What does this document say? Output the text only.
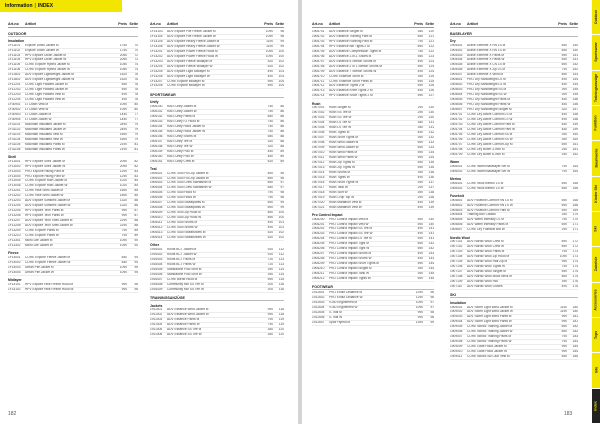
Information | INDEX
Art-no	Artikel	Preis Seite
OUTDOOR
Insulation
1F11101	Explore Down Jacket M	1750	70
1F11102	Explore Down Jacket W	1750	70
1F11103	HPV Explore Down Jacket M	2050	72
1F11104	HPV Explore Down Jacket W	2050	72
1F11105	CORE Explore Hybrid Jacket M	1050	74
1F11106	CORE Explore Hybrid Jacket W	1050	74
1F11801	ADV Explore Lightweight Jacket M	1520	76
1F11802	ADV Explore Lightweight Jacket W	1520	76
1F12201	CORE Light Padded Jacket M	690	78
1F12202	CORE Light Padded Jacket W	690	78
1F12203	CORE Light Padded Vest M	490	78
1F12204	CORE Light Padded Vest W	490	78
1F30901	LT Down Vest M	1090	80
1F30902	LT Down Vest W	1090	80
1F30903	LT Down Jacket M	1440	77
1F30904	LT Down Jacket W	1440	77
1F31101	Mountain Insulated Jacket M	2490	79
1F31102	Mountain Insulated Jacket W	2490	79
1F31103	Mountain Insulated Vest M	1690	79
1F31104	Mountain Insulated Vest W	1690	79
1F31105	Mountain Insulated Pants M	2190	81
1F31106	Mountain Insulated Pants W	2190	81
Shell
1F13001	HPV Explore Shell Jacket M	2090	82
1F13002	HPV Explore Shell Jacket W	2090	82
1F13003	PRO Explore Hiking Pant M	1290	83
1F13004	PRO Explore Hiking Pant W	1290	83
1F13005	CORE Explore Rain Jacket M	1020	84
1F13006	CORE Explore Rain Jacket W	1020	84
1F13201	CORE Hike Shell Jacket M	1690	85
1F13202	CORE Hike Shell Jacket W	1690	85
1F13203	ADV Explore Softshell Jacket M	1320	86
1F13204	ADV Explore Softshell Jacket W	1320	86
1F13205	HPV Explore Tech Pants M	990	87
1F13206	HPV Explore Tech Pants W	990	87
1F13207	ADV Explore Tech Shell Jacket M	2290	88
1F13208	ADV Explore Tech Shell Jacket W	2290	88
1F13209	CORE Explore Pants M	790	89
1F13210	CORE Explore Pants W	790	89
1F13301	Micro Lite Jacket M	1090	90
1F13302	Micro Lite Jacket W	1090	90
Fleece
1F14001	CORE Explore Fleece Jacket M	840	94
1F14002	CORE Explore Fleece Jacket W	840	94
1F14003	Urban Pile Jacket M	1090	95
1F14004	Urban Pile Jacket W	1090	95
Midlayer
1F14101	HPV Explore Hike Fleece Hood M	990	96
1F14102	HPV Explore Hike Fleece Hood W	990	96
Art-no	Artikel	Preis Seite
1F14103	ADV Explore Pile Fleece Jacket M	1090	98
1F14104	ADV Explore Pile Fleece Jacket W	1090	98
1F14105	ADV Explore Heavy Fleece Jacket M	1190	99
1F14106	ADV Explore Heavy Fleece Jacket W	1190	99
1F14201	ADV Explore Power Fleece Hood M	1090	100
1F14202	ADV Explore Power Fleece Hood W	1090	100
1F14203	ADV Explore Fleece Midlayer M	520	102
1F14204	ADV Explore Fleece Midlayer W	520	102
1F14205	ADV Explore Light Midlayer M	490	103
1F14206	ADV Explore Light Midlayer W	490	103
1F14207	CORE Explore Midlayer M	590	104
1F14208	CORE Explore Midlayer W	590	104
SPORTSWEAR
Unify
1906140	RAIS Unify Jacket M	750	86
1906141	RAIS Unify Jacket W	750	86
1906142	RAIS Unify Pants M	650	86
1906143	RAIS Unify FZ Hood M	750	86
1906144	RAIS Unify Hood Jacket M	750	86
1906145	RAIS Unify Hood Jacket W	750	86
1906146	RAIS Unify Shorts M	550	88
1906147	RAIS Unify Tee M	320	88
1906148	RAIS Unify Tee W	320	88
1906149	RAIS Unify Polo M	450	89
1906150	RAIS Unify Polo W	450	89
1906151	RAIS Unify Crew M	620	89
Teal
1906401	CORE Soul Full Zip Jacket M	890	96
1906402	CORE Soul Full Zip Jacket W	890	96
1906403	CORE Soul Crew Sweatshirt M	650	97
1906404	CORE Soul Crew Sweatshirt W	650	97
1906405	CORE Soul Hood M	790	98
1906406	CORE Soul Hood W	790	98
1906407	CORE Soul Sweatpants M	690	99
1906408	CORE Soul Sweatpants W	690	99
1906409	CORE Soul Zip Hood M	890	100
1906410	CORE Soul Zip Hood W	890	100
1906411	CORE Soul Shorts M	490	101
1906412	CORE Soul Shorts W	490	101
1906413	CORE Soul Sweatshorts M	520	102
1906414	CORE Soul Sweatshorts W	520	102
Other
1916401	Roots BCT Jacket M	920	112
1916402	Roots BCT Jacket W	920	112
1916403	Roots BCT Pants M	720	113
1916404	Roots BCT Pants W	720	113
1916405	Standalone Polo Shirt M	390	114
1916406	Standalone Polo Shirt W	390	114
1916407	CORE Blend Hood M	590	115
1916408	Community Mix SS Tee M	200	116
1916409	Community Mix SS Tee W	200	116
TRAININGSANZÜGE
Jackets
1911001	ADV Essence Wind Jacket M	990	118
1911002	ADV Essence Wind Jacket W	990	118
1911003	ADV Essence Pants M	790	119
1911004	ADV Essence Pants W	790	119
1911005	ADV Essence SS Tee M	350	120
1911006	ADV Essence SS Tee W	350	120
182
Art-no	Artikel	Preis Seite
1906701	ADV Essence Singlet M	350	120
1906702	ADV Essence Training Pant M	690	121
1906703	HPV Essence Running Pant M	790	121
1906704	HPV Essence Bib Tights 2 M	890	122
1906705	ADV Essence Compression Tights M	750	122
1906706	ADV Essence 2-in-1 Shorts M	550	123
1906707	ADV Essence 5 Stretch Shorts M	490	123
1906708	ADV Essence 2 in 1 Stretch Shorts M	590	124
1906709	ADV Essence 7 Stretch Shorts W	490	124
1906710	CORE Essence Short M	390	125
1906711	CORE Essence Short Pants M	590	125
1906712	ADV Essence Tights 2 M	590	126
1906713	ADV Essence Knee Tights 2 M	490	126
1906714	HPV Essence Short Tights 2 M	590	127
Rush
1907001	Rush Singlet M	290	130
1907002	Rush SS Tee M	290	130
1907003	Rush SS Tee W	290	130
1907004	Rush LS Tee M	350	131
1907005	Rush LS Tee W	350	131
1907006	Rush Tights M	490	132
1907007	Rush Short Tights M	390	132
1907008	Rush Wind Jacket M	690	133
1907009	Rush Wind Jacket W	690	133
1907010	Rush Wind Pants M	590	134
1907011	Rush Wind Pants W	590	134
1907012	Rush Zip Tights M	590	135
1907013	Rush Zip Tights W	590	135
1907014	Rush Shorts M	390	136
1907015	Rush Tights W	490	136
1907016	Rush Short Tights W	390	137
1907017	Rush Tank W	290	137
1907018	Rush Skirt W	390	138
1907019	Rush Crop Top W	290	138
1907020	Rush Marathon Vest M	490	139
1907021	Rush Marathon Vest W	490	139
Pro Control Impact
1906200	PRO Control Impact Vest M	590	140
1906201	PRO Control Impact Vest W	590	140
1906202	PRO Control Impact SS Tee M	490	141
1906203	PRO Control Impact SS Tee W	490	141
1906204	PRO Control Impact LS Tee M	590	141
1906205	PRO Control Impact Tight M	690	142
1906206	PRO Control Impact Tight W	690	142
1906207	PRO Control Impact Shorts M	490	143
1906208	PRO Control Impact Shorts W	490	143
1906209	PRO Control Impact Short Tights M	590	144
1906210	PRO Control Impact Singlet M	390	144
1906211	PRO Control Impact Tank W	390	145
1906212	PRO Control Impact Tights W	690	145
FOOTWEAR
1912601	PRO Endur Distance M	1290	96
1912602	PRO Endur Distance W	1290	96
1912603	V150 Engineered M	1090	97
1912604	V150 Engineered W	1090	97
1912605	X-Trail M	990	98
1912606	X-Trail W	990	98
1912607	Xplor Hybrid M	1390	99
Art-no	Artikel	Preis Seite
BASELAYER
Dry
1905401	Active Extreme X RN LS M	690	150
1905402	Active Extreme X RN LS W	690	150
1905403	Active Extreme X Pants M	590	151
1905404	Active Extreme X Pants W	590	151
1905405	Active Extreme X CN LS M	690	152
1905406	Active Extreme X Zip LS M	790	152
1905407	Active Extreme X Wind M	890	153
1905601	PRO Dry Nanoweight LS M	490	154
1905602	PRO Dry Nanoweight LS W	490	154
1905603	PRO Dry Nanoweight SS M	390	155
1905604	PRO Dry Nanoweight SS W	390	155
1905605	PRO Dry Nanoweight Pants M	450	156
1905606	PRO Dry Nanoweight Pants W	450	156
1905607	PRO Dry Nanoweight Singlet M	320	157
1905701	CORE Dry Active Comfort LS M	490	158
1905702	CORE Dry Active Comfort LS W	490	158
1905703	CORE Dry Active Comfort Pant M	450	159
1905704	CORE Dry Active Comfort Pant W	450	159
1905705	CORE Dry Active Comfort SS M	390	160
1905706	CORE Dry Active Comfort SS W	390	160
1905707	CORE Dry Active Comfort Zip M	590	161
1905708	CORE Dry Boxer 3-Inch M	250	161
1905709	CORE Dry Boxer 6-Inch M	250	162
Warm
1906001	CORE Warm Baselayer Set M	790	164
1906002	CORE Warm Baselayer Set W	790	164
Merino
1906401	CORE Wool Merino LS M	690	166
1906402	CORE Wool Merino LS W	690	166
Fuseknit
1905801	ADV Fuseknit Comfort RN LS M	690	168
1905802	ADV Fuseknit Comfort RN LS W	690	168
1905803	ADV Fuseknit Comfort Pant M	590	169
1905804	Training Box Classic	250	170
1905805	ADV Warm Intensity LS M	790	170
1905806	ADV Warm Intensity Pants M	690	171
1905807	CORE Dry Fuseknit Bra W	290	171
Nordic Wool
1907101	ADV Nordic Wool Crew M	890	172
1907102	ADV Nordic Wool Crew W	890	172
1907103	ADV Nordic Wool Pants M	790	173
1907104	ADV Nordic Wool Zip Hood M	1090	173
1907105	ADV Nordic Wool Half Zip M	990	174
1907106	ADV Nordic Wool Tights W	790	174
1907107	ADV Nordic Wool Singlet M	590	175
1907108	ADV Nordic Wool Mock Neck M	890	175
1907109	ADV Nordic Wool Hat	390	176
1907110	ADV Nordic Wool Gloves	490	176
SKI
Insulation
1909001	ADV Storm Light Wind Jacket M	1190	180
1909002	ADV Storm Light Wind Jacket W	1190	180
1909003	ADV Storm Light Wind Pants M	990	181
1909004	ADV Storm Light Wind Pants W	990	181
1909005	CORE Nordic Training Jacket M	890	182
1909006	CORE Nordic Training Jacket W	890	182
1909007	CORE Nordic Training Pants M	790	183
1909008	CORE Nordic Training Pants W	790	183
1909009	CORE Glide Hood Jacket M	990	184
1909010	CORE Glide Hood Jacket W	990	184
1909011	CORE Nordic Ski Club Vest M	690	185
183
Outdoor
Sportswear
Trainingsanzüge
Funktion
Baumwolle
Kinder Ski
Ski
Zubehör
Accessories
Tops
Info
Index
